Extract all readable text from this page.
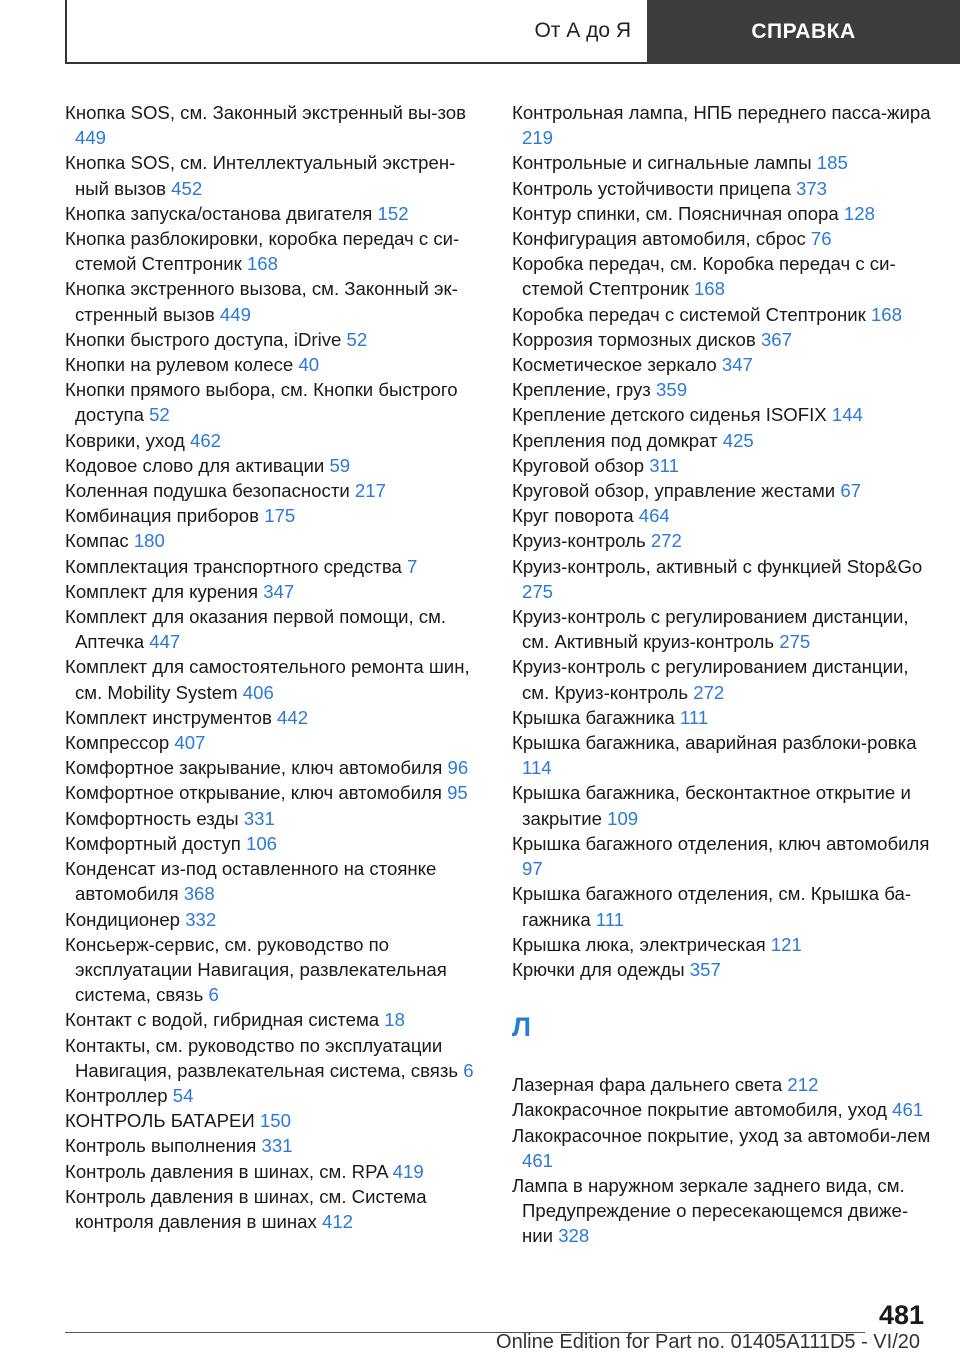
От А до Я	СПРАВКА

Кнопка SOS, см. Законный экстренный вы-зов 449

Кнопка SOS, см. Интеллектуальный экстрен-ный вызов 452

Кнопка запуска/останова двигателя 152

Кнопка разблокировки, коробка передач с си-стемой Стептроник 168

Кнопка экстренного вызова, см. Законный эк-стренный вызов 449

Кнопки быстрого доступа, iDrive 52

Кнопки на рулевом колесе 40

Кнопки прямого выбора, см. Кнопки быстрого доступа 52

Коврики, уход 462

Кодовое слово для активации 59

Коленная подушка безопасности 217

Комбинация приборов 175

Компас 180

Комплектация транспортного средства 7

Комплект для курения 347

Комплект для оказания первой помощи, см. Аптечка 447

Комплект для самостоятельного ремонта шин, см. Mobility System 406

Комплект инструментов 442

Компрессор 407

Комфортное закрывание, ключ автомобиля 96

Комфортное открывание, ключ автомобиля 95

Комфортность езды 331

Комфортный доступ 106

Конденсат из-под оставленного на стоянке автомобиля 368

Кондиционер 332

Консьерж-сервис, см. руководство по эксплуатации Навигация, развлекательная система, связь 6

Контакт с водой, гибридная система 18

Контакты, см. руководство по эксплуатации Навигация, развлекательная система, связь 6

Контроллер 54

КОНТРОЛЬ БАТАРЕИ 150

Контроль выполнения 331

Контроль давления в шинах, см. RPA 419

Контроль давления в шинах, см. Система контроля давления в шинах 412

Контрольная лампа, НПБ переднего пасса-жира 219

Контрольные и сигнальные лампы 185

Контроль устойчивости прицепа 373

Контур спинки, см. Поясничная опора 128

Конфигурация автомобиля, сброс 76

Коробка передач, см. Коробка передач с си-стемой Стептроник 168

Коробка передач с системой Стептроник 168

Коррозия тормозных дисков 367

Косметическое зеркало 347

Крепление, груз 359

Крепление детского сиденья ISOFIX 144

Крепления под домкрат 425

Круговой обзор 311

Круговой обзор, управление жестами 67

Круг поворота 464

Круиз-контроль 272

Круиз-контроль, активный с функцией Stop&Go 275

Круиз-контроль с регулированием дистанции, см. Активный круиз-контроль 275

Круиз-контроль с регулированием дистанции, см. Круиз-контроль 272

Крышка багажника 111

Крышка багажника, аварийная разблоки-ровка 114

Крышка багажника, бесконтактное открытие и закрытие 109

Крышка багажного отделения, ключ автомобиля 97

Крышка багажного отделения, см. Крышка ба-гажника 111

Крышка люка, электрическая 121

Крючки для одежды 357

Л

Лазерная фара дальнего света 212

Лакокрасочное покрытие автомобиля, уход 461

Лакокрасочное покрытие, уход за автомоби-лем 461

Лампа в наружном зеркале заднего вида, см. Предупреждение о пересекающемся движе-нии 328

481
Online Edition for Part no. 01405A111D5 - VI/20
